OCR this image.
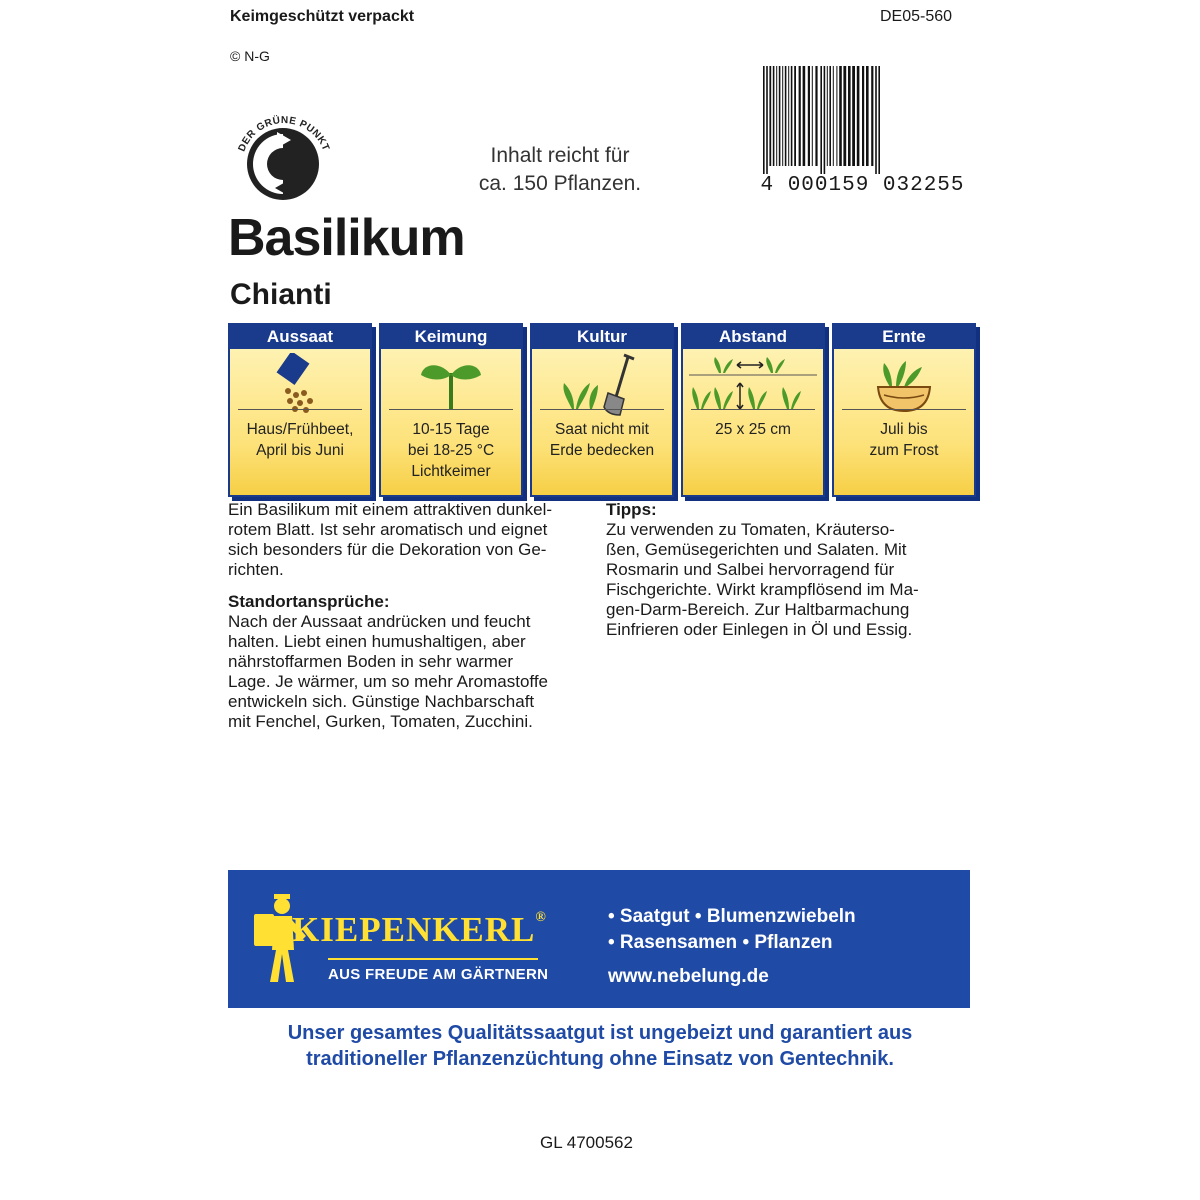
Keimgeschützt verpackt	DE05-560
© N-G
DER GRÜNE PUNKT	Inhalt reicht für
ca. 150 Pflanzen.	4 000159 032255
Basilikum
Chianti
Aussaat
Haus/Frühbeet,
April bis Juni
Keimung
10-15 Tage
bei 18-25 °C
Lichtkeimer
Kultur
Saat nicht mit
Erde bedecken
Abstand
25 x 25 cm
Ernte
Juli bis
zum Frost
Ein Basilikum mit einem attraktiven dunkel-
rotem Blatt. Ist sehr aromatisch und eignet
sich besonders für die Dekoration von Ge-
richten.
Standortansprüche:
Nach der Aussaat andrücken und feucht
halten. Liebt einen humushaltigen, aber
nährstoffarmen Boden in sehr warmer
Lage. Je wärmer, um so mehr Aromastoffe
entwickeln sich. Günstige Nachbarschaft
mit Fenchel, Gurken, Tomaten, Zucchini.
Tipps:
Zu verwenden zu Tomaten, Kräuterso-
ßen, Gemüsegerichten und Salaten. Mit
Rosmarin und Salbei hervorragend für
Fischgerichte. Wirkt krampflösend im Ma-
gen-Darm-Bereich. Zur Haltbarmachung
Einfrieren oder Einlegen in Öl und Essig.
KIEPENKERL®
AUS FREUDE AM GÄRTNERN
• Saatgut • Blumenzwiebeln
• Rasensamen • Pflanzen
www.nebelung.de
Unser gesamtes Qualitätssaatgut ist ungebeizt und garantiert aus
traditioneller Pflanzenzüchtung ohne Einsatz von Gentechnik.
GL 4700562
